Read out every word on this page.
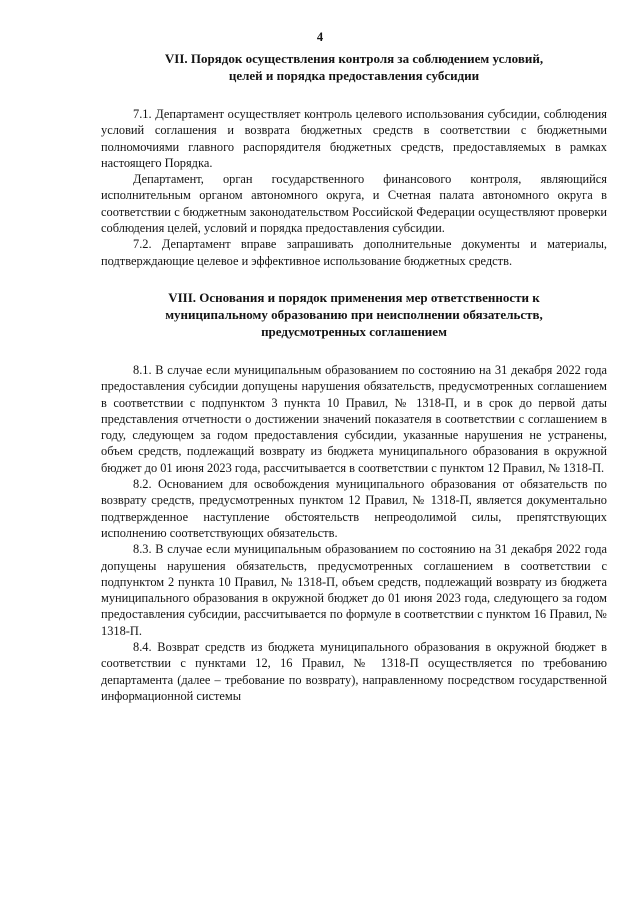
4
VII. Порядок осуществления контроля за соблюдением условий,
целей и порядка предоставления субсидии

7.1. Департамент осуществляет контроль целевого использования субсидии, соблюдения условий соглашения и возврата бюджетных средств в соответствии с бюджетными полномочиями главного распорядителя бюджетных средств, предоставляемых в рамках настоящего Порядка.

Департамент, орган государственного финансового контроля, являющийся исполнительным органом автономного округа, и Счетная палата автономного округа в соответствии с бюджетным законодательством Российской Федерации осуществляют проверки соблюдения целей, условий и порядка предоставления субсидии.

7.2. Департамент вправе запрашивать дополнительные документы и материалы, подтверждающие целевое и эффективное использование бюджетных средств.

VIII. Основания и порядок применения мер ответственности к
муниципальному образованию при неисполнении обязательств,
предусмотренных соглашением

8.1. В случае если муниципальным образованием по состоянию на 31 декабря 2022 года предоставления субсидии допущены нарушения обязательств, предусмотренных соглашением в соответствии с подпунктом 3 пункта 10 Правил, № 1318-П, и в срок до первой даты представления отчетности о достижении значений показателя в соответствии с соглашением в году, следующем за годом предоставления субсидии, указанные нарушения не устранены, объем средств, подлежащий возврату из бюджета муниципального образования в окружной бюджет до 01 июня 2023 года, рассчитывается в соответствии с пунктом 12 Правил, № 1318-П.

8.2. Основанием для освобождения муниципального образования от обязательств по возврату средств, предусмотренных пунктом 12 Правил, № 1318-П, является документально подтвержденное наступление обстоятельств непреодолимой силы, препятствующих исполнению соответствующих обязательств.

8.3. В случае если муниципальным образованием по состоянию на 31 декабря 2022 года допущены нарушения обязательств, предусмотренных соглашением в соответствии с подпунктом 2 пункта 10 Правил, № 1318-П, объем средств, подлежащий возврату из бюджета муниципального образования в окружной бюджет до 01 июня 2023 года, следующего за годом предоставления субсидии, рассчитывается по формуле в соответствии с пунктом 16 Правил, № 1318-П.

8.4. Возврат средств из бюджета муниципального образования в окружной бюджет в соответствии с пунктами 12, 16 Правил, № 1318-П осуществляется по требованию департамента (далее – требование по возврату), направленному посредством государственной информационной системы
